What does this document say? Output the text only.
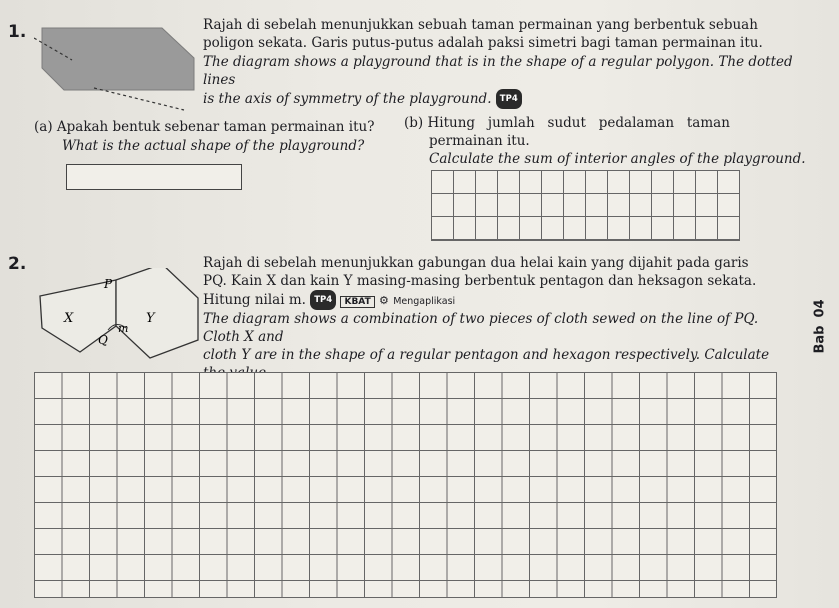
1.	Rajah di sebelah menunjukkan sebuah taman permainan yang berbentuk sebuah
poligon sekata. Garis putus-putus adalah paksi simetri bagi taman permainan itu.
The diagram shows a playground that is in the shape of a regular polygon. The dotted lines
is the axis of symmetry of the playground. TP4
(a) Apakah bentuk sebenar taman permainan itu?
What is the actual shape of the playground?
(b) Hitung   jumlah   sudut   pedalaman   taman
permainan itu.
Calculate the sum of interior angles of the playground.
2.
P
Q
X	Y
m
Rajah di sebelah menunjukkan gabungan dua helai kain yang dijahit pada garis
PQ. Kain X dan kain Y masing-masing berbentuk pentagon dan heksagon sekata.
Hitung nilai m. TP4 KBAT ⚙ Mengaplikasi
The diagram shows a combination of two pieces of cloth sewed on the line of PQ. Cloth X and
cloth Y are in the shape of a regular pentagon and hexagon respectively. Calculate
04
Bab
